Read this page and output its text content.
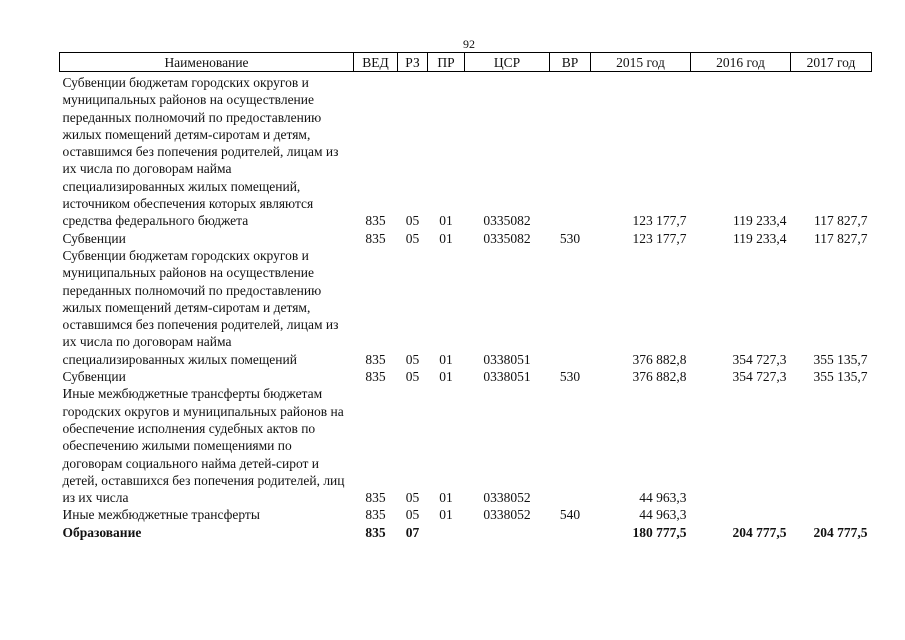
92
Наименование	ВЕД	РЗ	ПР	ЦСР	ВР	2015 год	2016 год	2017 год
Субвенции бюджетам городских округов и муниципальных районов на осуществление переданных полномочий по предоставлению жилых помещений детям-сиротам и детям, оставшимся без попечения родителей, лицам из их числа по договорам найма специализированных жилых помещений, источником обеспечения которых являются средства федерального бюджета	835	05	01	0335082		123 177,7	119 233,4	117 827,7
Субвенции	835	05	01	0335082	530	123 177,7	119 233,4	117 827,7
Субвенции бюджетам городских округов и муниципальных районов на осуществление переданных полномочий по предоставлению жилых помещений детям-сиротам и детям, оставшимся без попечения родителей, лицам из их числа по договорам найма специализированных жилых помещений	835	05	01	0338051		376 882,8	354 727,3	355 135,7
Субвенции	835	05	01	0338051	530	376 882,8	354 727,3	355 135,7
Иные межбюджетные трансферты бюджетам городских округов и муниципальных районов на обеспечение исполнения судебных актов по обеспечению жилыми помещениями по договорам социального найма детей-сирот и детей, оставшихся без попечения родителей, лиц из их числа	835	05	01	0338052		44 963,3		
Иные межбюджетные трансферты	835	05	01	0338052	540	44 963,3		
Образование	835	07				180 777,5	204 777,5	204 777,5
